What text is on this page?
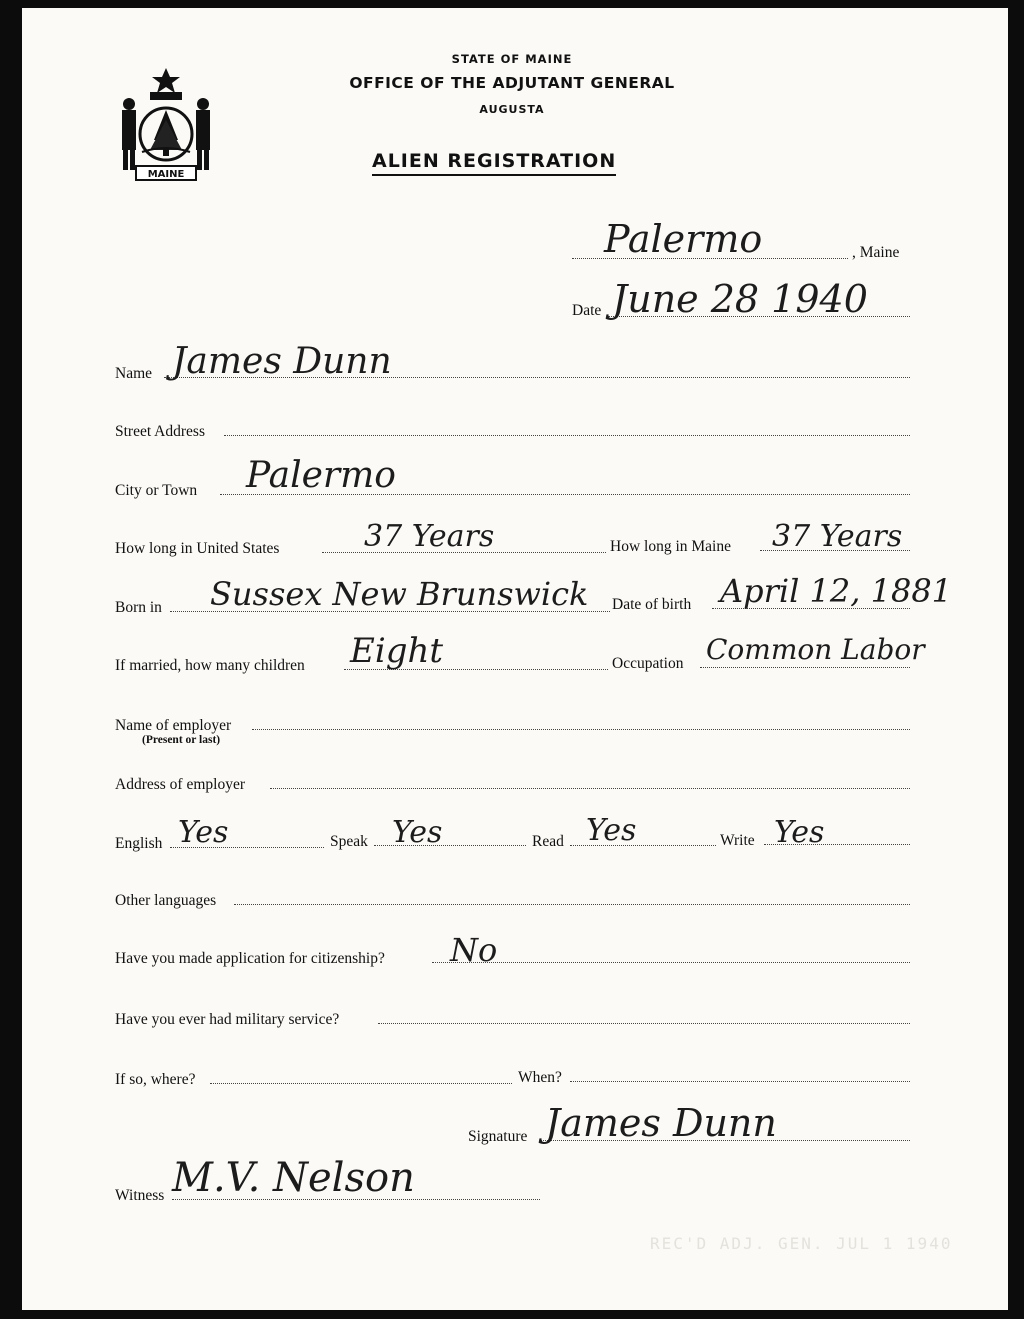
MAINE
STATE OF MAINE
OFFICE OF THE ADJUTANT GENERAL
AUGUSTA
ALIEN REGISTRATION
Palermo	, Maine
Date June 28 1940
Name James Dunn
Street Address
City or Town Palermo
How long in United States	37 Years	How long in Maine 37 Years
Born in Sussex New Brunswick Date of birth April 12, 1881
If married, how many children Eight	Occupation Common Labor
Name of employer
(Present or last)
Address of employer
English Yes	Speak Yes	Read Yes	Write Yes
Other languages
Have you made application for citizenship? No
Have you ever had military service?
If so, where?	When?
Signature James Dunn
Witness M.V. Nelson
REC'D ADJ. GEN. JUL 1 1940
